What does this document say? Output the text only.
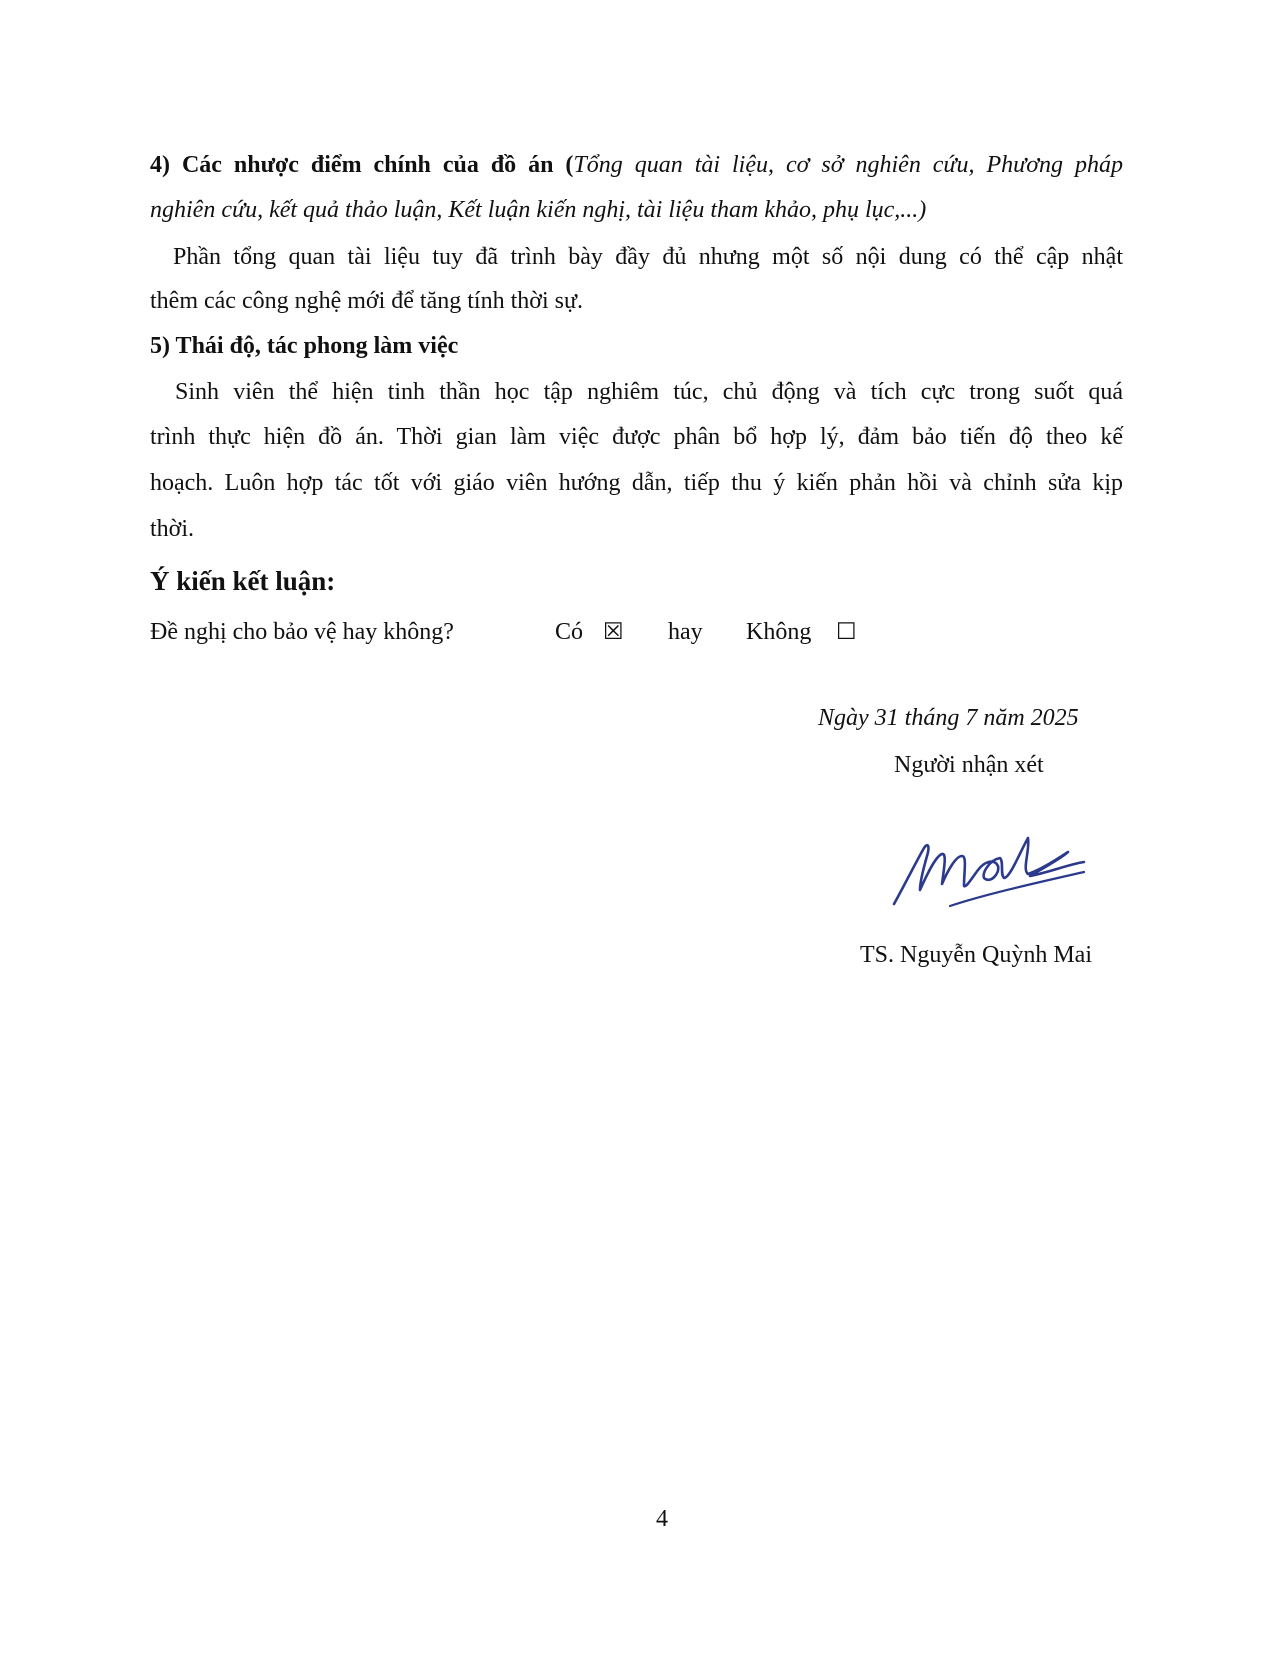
4) Các nhược điểm chính của đồ án (Tổng quan tài liệu, cơ sở nghiên cứu, Phương pháp
nghiên cứu, kết quả thảo luận, Kết luận kiến nghị, tài liệu tham khảo, phụ lục,...)
Phần tổng quan tài liệu tuy đã trình bày đầy đủ nhưng một số nội dung có thể cập nhật
thêm các công nghệ mới để tăng tính thời sự.
5) Thái độ, tác phong làm việc
Sinh viên thể hiện tinh thần học tập nghiêm túc, chủ động và tích cực trong suốt quá
trình thực hiện đồ án. Thời gian làm việc được phân bổ hợp lý, đảm bảo tiến độ theo kế
hoạch. Luôn hợp tác tốt với giáo viên hướng dẫn, tiếp thu ý kiến phản hồi và chỉnh sửa kịp
thời.
Ý kiến kết luận:
Đề nghị cho bảo vệ hay không?	Có ☒ hay Không ☐
Ngày 31 tháng 7 năm 2025
Người nhận xét
TS. Nguyễn Quỳnh Mai
4
